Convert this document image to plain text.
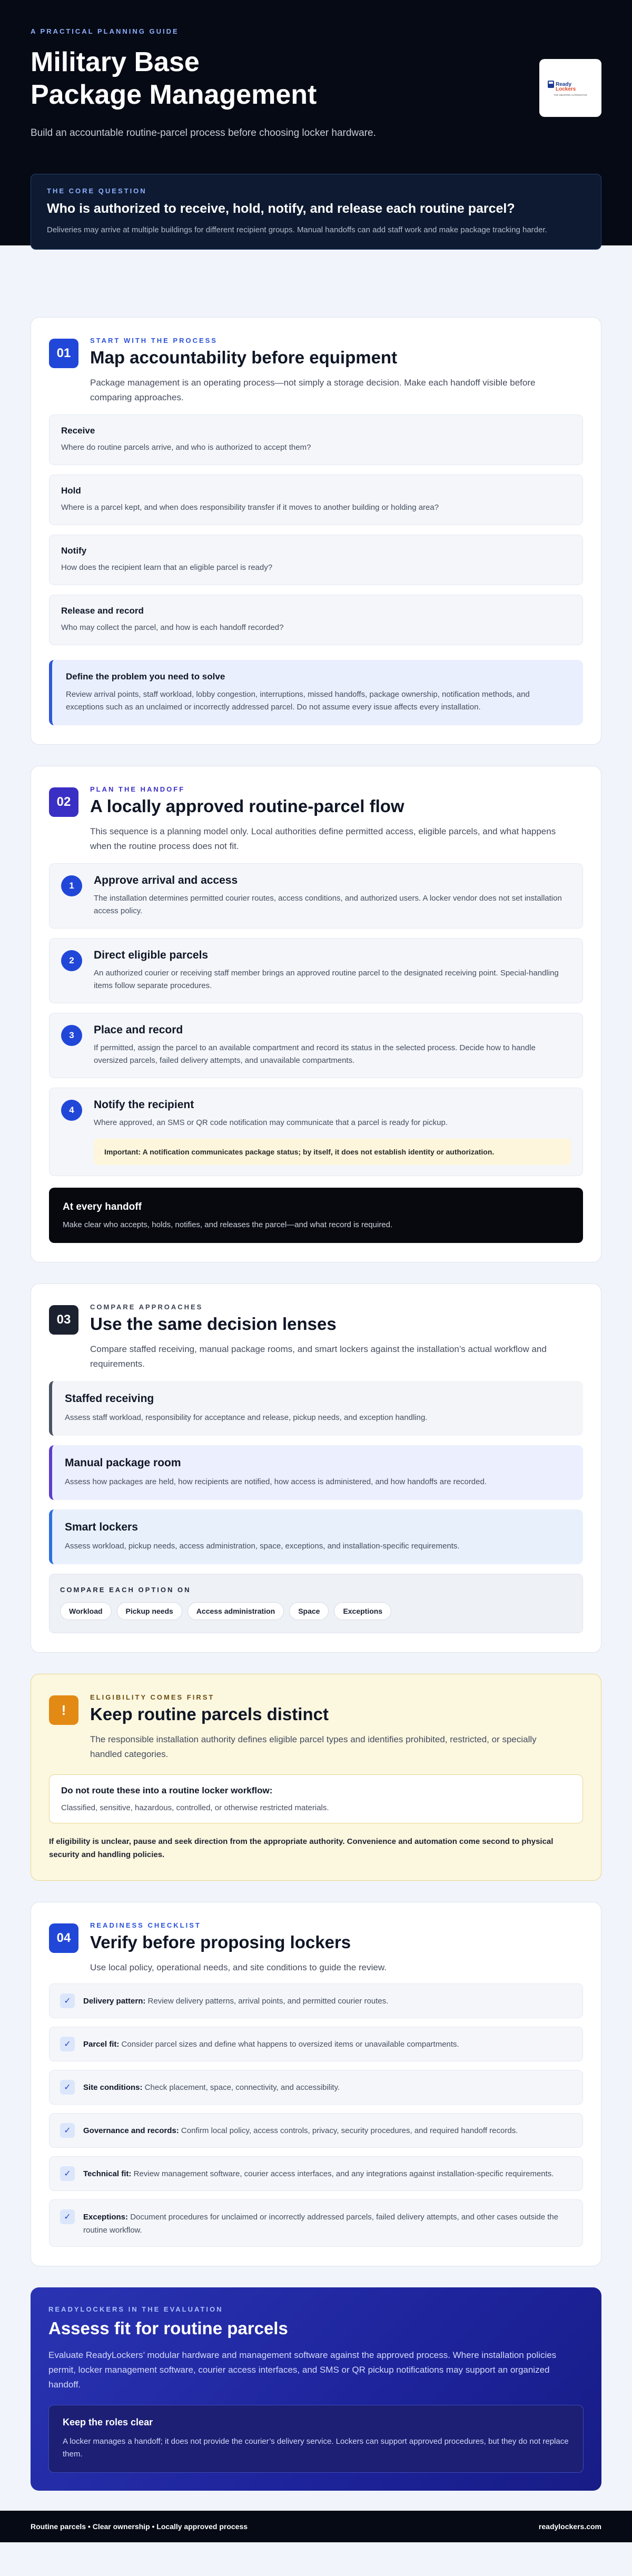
A PRACTICAL PLANNING GUIDE
Military Base
Package Management
Build an accountable routine-parcel process before choosing locker hardware.
Ready
Lockers
THE SMARTER ALTERNATIVE
THE CORE QUESTION
Who is authorized to receive, hold, notify, and release each routine parcel?

Deliveries may arrive at multiple buildings for different recipient groups. Manual handoffs can add staff work and make package tracking harder.

01
START WITH THE PROCESS
Map accountability before equipment
Package management is an operating process—not simply a storage decision. Make each handoff visible before comparing approaches.
Receive

Where do routine parcels arrive, and who is authorized to accept them?

Hold

Where is a parcel kept, and when does responsibility transfer if it moves to another building or holding area?

Notify

How does the recipient learn that an eligible parcel is ready?

Release and record

Who may collect the parcel, and how is each handoff recorded?

Define the problem you need to solve

Review arrival points, staff workload, lobby congestion, interruptions, missed handoffs, package ownership, notification methods, and exceptions such as an unclaimed or incorrectly addressed parcel. Do not assume every issue affects every installation.

02
PLAN THE HANDOFF
A locally approved routine-parcel flow
This sequence is a planning model only. Local authorities define permitted access, eligible parcels, and what happens when the routine process does not fit.
1	Approve arrival and access

The installation determines permitted courier routes, access conditions, and authorized users. A locker vendor does not set installation access policy.

2	Direct eligible parcels

An authorized courier or receiving staff member brings an approved routine parcel to the designated receiving point. Special-handling items follow separate procedures.

3	Place and record

If permitted, assign the parcel to an available compartment and record its status in the selected process. Decide how to handle oversized parcels, failed delivery attempts, and unavailable compartments.

4	Notify the recipient

Where approved, an SMS or QR code notification may communicate that a parcel is ready for pickup.

Important: A notification communicates package status; by itself, it does not establish identity or authorization.
At every handoff

Make clear who accepts, holds, notifies, and releases the parcel—and what record is required.

03
COMPARE APPROACHES
Use the same decision lenses
Compare staffed receiving, manual package rooms, and smart lockers against the installation’s actual workflow and requirements.
Staffed receiving

Assess staff workload, responsibility for acceptance and release, pickup needs, and exception handling.

Manual package room

Assess how packages are held, how recipients are notified, how access is administered, and how handoffs are recorded.

Smart lockers

Assess workload, pickup needs, access administration, space, exceptions, and installation-specific requirements.

COMPARE EACH OPTION ON
Workload	Pickup needs	Access administration	Space	Exceptions
!
ELIGIBILITY COMES FIRST
Keep routine parcels distinct
The responsible installation authority defines eligible parcel types and identifies prohibited, restricted, or specially handled categories.
Do not route these into a routine locker workflow:

Classified, sensitive, hazardous, controlled, or otherwise restricted materials.

If eligibility is unclear, pause and seek direction from the appropriate authority. Convenience and automation come second to physical security and handling policies.
04
READINESS CHECKLIST
Verify before proposing lockers
Use local policy, operational needs, and site conditions to guide the review.
✓	Delivery pattern: Review delivery patterns, arrival points, and permitted courier routes.

✓	Parcel fit: Consider parcel sizes and define what happens to oversized items or unavailable compartments.

✓	Site conditions: Check placement, space, connectivity, and accessibility.

✓	Governance and records: Confirm local policy, access controls, privacy, security procedures, and required handoff records.

✓	Technical fit: Review management software, courier access interfaces, and any integrations against installation-specific requirements.

✓	Exceptions: Document procedures for unclaimed or incorrectly addressed parcels, failed delivery attempts, and other cases outside the routine workflow.

READYLOCKERS IN THE EVALUATION
Assess fit for routine parcels

Evaluate ReadyLockers’ modular hardware and management software against the approved process. Where installation policies permit, locker management software, courier access interfaces, and SMS or QR pickup notifications may support an organized handoff.

Keep the roles clear

A locker manages a handoff; it does not provide the courier’s delivery service. Lockers can support approved procedures, but they do not replace them.

Routine parcels • Clear ownership • Locally approved process	readylockers.com
